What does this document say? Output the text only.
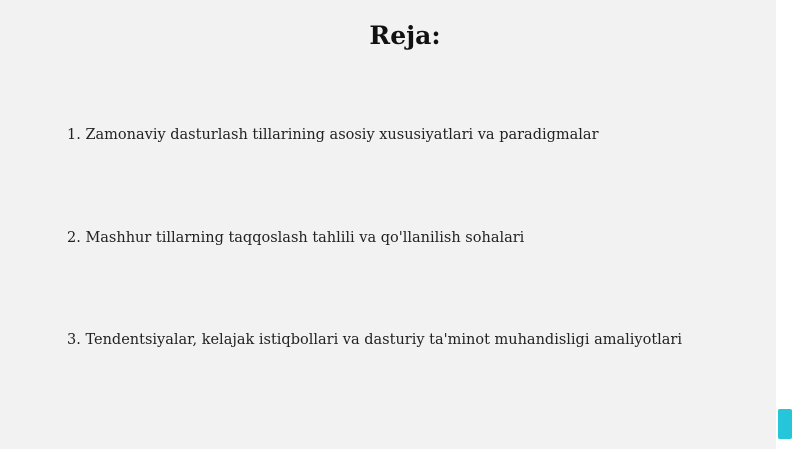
Reja:
1. Zamonaviy dasturlash tillarining asosiy xususiyatlari va paradigmalar
2. Mashhur tillarning taqqoslash tahlili va qo'llanilish sohalari
3. Tendentsiyalar, kelajak istiqbollari va dasturiy ta'minot muhandisligi amaliyotlari
